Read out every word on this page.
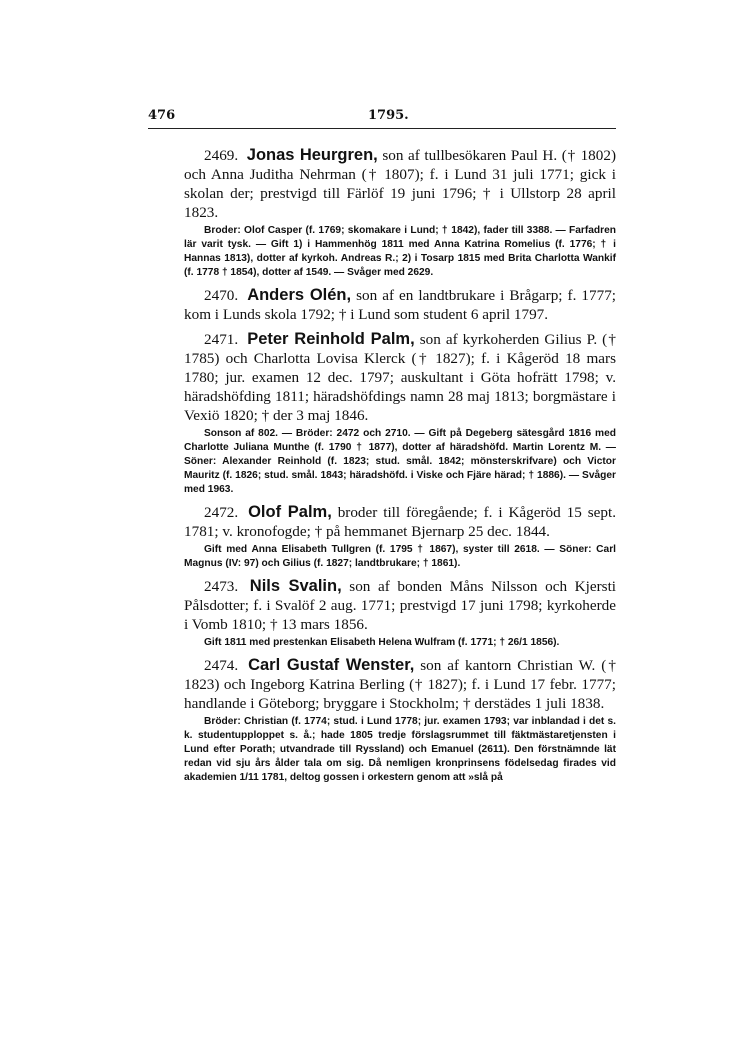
476	1795.

2469. Jonas Heurgren, son af tullbesökaren Paul H. († 1802) och Anna Juditha Nehrman († 1807); f. i Lund 31 juli 1771; gick i skolan der; prestvigd till Färlöf 19 juni 1796; † i Ullstorp 28 april 1823.

Broder: Olof Casper (f. 1769; skomakare i Lund; † 1842), fader till 3388. — Farfadren lär varit tysk. — Gift 1) i Hammenhög 1811 med Anna Katrina Romelius (f. 1776; † i Hannas 1813), dotter af kyrkoh. Andreas R.; 2) i Tosarp 1815 med Brita Charlotta Wankif (f. 1778 † 1854), dotter af 1549. — Svåger med 2629.

2470. Anders Olén, son af en landtbrukare i Brågarp; f. 1777; kom i Lunds skola 1792; † i Lund som student 6 april 1797.

2471. Peter Reinhold Palm, son af kyrkoherden Gilius P. († 1785) och Charlotta Lovisa Klerck († 1827); f. i Kågeröd 18 mars 1780; jur. examen 12 dec. 1797; auskultant i Göta hofrätt 1798; v. häradshöfding 1811; häradshöfdings namn 28 maj 1813; borgmästare i Vexiö 1820; † der 3 maj 1846.

Sonson af 802. — Bröder: 2472 och 2710. — Gift på Degeberg sätesgård 1816 med Charlotte Juliana Munthe (f. 1790 † 1877), dotter af häradshöfd. Martin Lorentz M. — Söner: Alexander Reinhold (f. 1823; stud. smål. 1842; mönsterskrifvare) och Victor Mauritz (f. 1826; stud. smål. 1843; häradshöfd. i Viske och Fjäre härad; † 1886). — Svåger med 1963.

2472. Olof Palm, broder till föregående; f. i Kågeröd 15 sept. 1781; v. kronofogde; † på hemmanet Bjernarp 25 dec. 1844.

Gift med Anna Elisabeth Tullgren (f. 1795 † 1867), syster till 2618. — Söner: Carl Magnus (IV: 97) och Gilius (f. 1827; landtbrukare; † 1861).

2473. Nils Svalin, son af bonden Måns Nilsson och Kjersti Pålsdotter; f. i Svalöf 2 aug. 1771; prestvigd 17 juni 1798; kyrkoherde i Vomb 1810; † 13 mars 1856.

Gift 1811 med prestenkan Elisabeth Helena Wulfram (f. 1771; † 26/1 1856).

2474. Carl Gustaf Wenster, son af kantorn Christian W. († 1823) och Ingeborg Katrina Berling († 1827); f. i Lund 17 febr. 1777; handlande i Göteborg; bryggare i Stockholm; † derstädes 1 juli 1838.

Bröder: Christian (f. 1774; stud. i Lund 1778; jur. examen 1793; var inblandad i det s. k. studentupploppet s. å.; hade 1805 tredje förslagsrummet till fäktmästaretjensten i Lund efter Porath; utvandrade till Ryssland) och Emanuel (2611). Den förstnämnde lät redan vid sju års ålder tala om sig. Då nemligen kronprinsens födelsedag firades vid akademien 1/11 1781, deltog gossen i orkestern genom att »slå på
